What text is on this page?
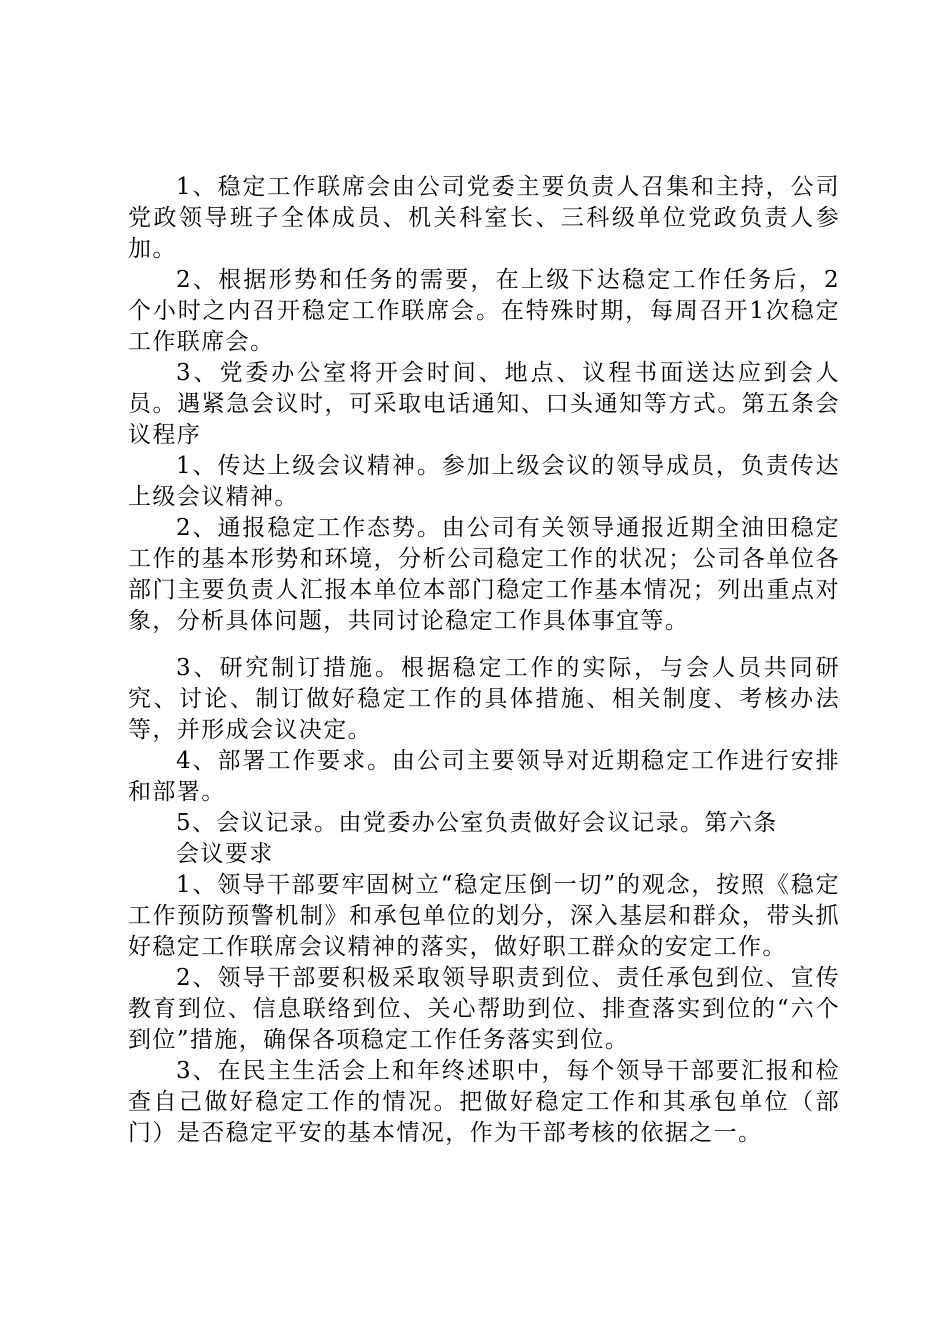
1、稳定工作联席会由公司党委主要负责人召集和主持，公司党政领导班子全体成员、机关科室长、三科级单位党政负责人参加。

2、根据形势和任务的需要，在上级下达稳定工作任务后，2个小时之内召开稳定工作联席会。在特殊时期，每周召开1次稳定工作联席会。

3、党委办公室将开会时间、地点、议程书面送达应到会人员。遇紧急会议时，可采取电话通知、口头通知等方式。第五条会议程序

1、传达上级会议精神。参加上级会议的领导成员，负责传达上级会议精神。

2、通报稳定工作态势。由公司有关领导通报近期全油田稳定工作的基本形势和环境，分析公司稳定工作的状况；公司各单位各部门主要负责人汇报本单位本部门稳定工作基本情况；列出重点对象，分析具体问题，共同讨论稳定工作具体事宜等。

3、研究制订措施。根据稳定工作的实际，与会人员共同研究、讨论、制订做好稳定工作的具体措施、相关制度、考核办法等，并形成会议决定。

4、部署工作要求。由公司主要领导对近期稳定工作进行安排和部署。

5、会议记录。由党委办公室负责做好会议记录。第六条

会议要求

1、领导干部要牢固树立“稳定压倒一切”的观念，按照《稳定工作预防预警机制》和承包单位的划分，深入基层和群众，带头抓好稳定工作联席会议精神的落实，做好职工群众的安定工作。

2、领导干部要积极采取领导职责到位、责任承包到位、宣传教育到位、信息联络到位、关心帮助到位、排查落实到位的“六个到位”措施，确保各项稳定工作任务落实到位。

3、在民主生活会上和年终述职中，每个领导干部要汇报和检查自己做好稳定工作的情况。把做好稳定工作和其承包单位（部门）是否稳定平安的基本情况，作为干部考核的依据之一。
